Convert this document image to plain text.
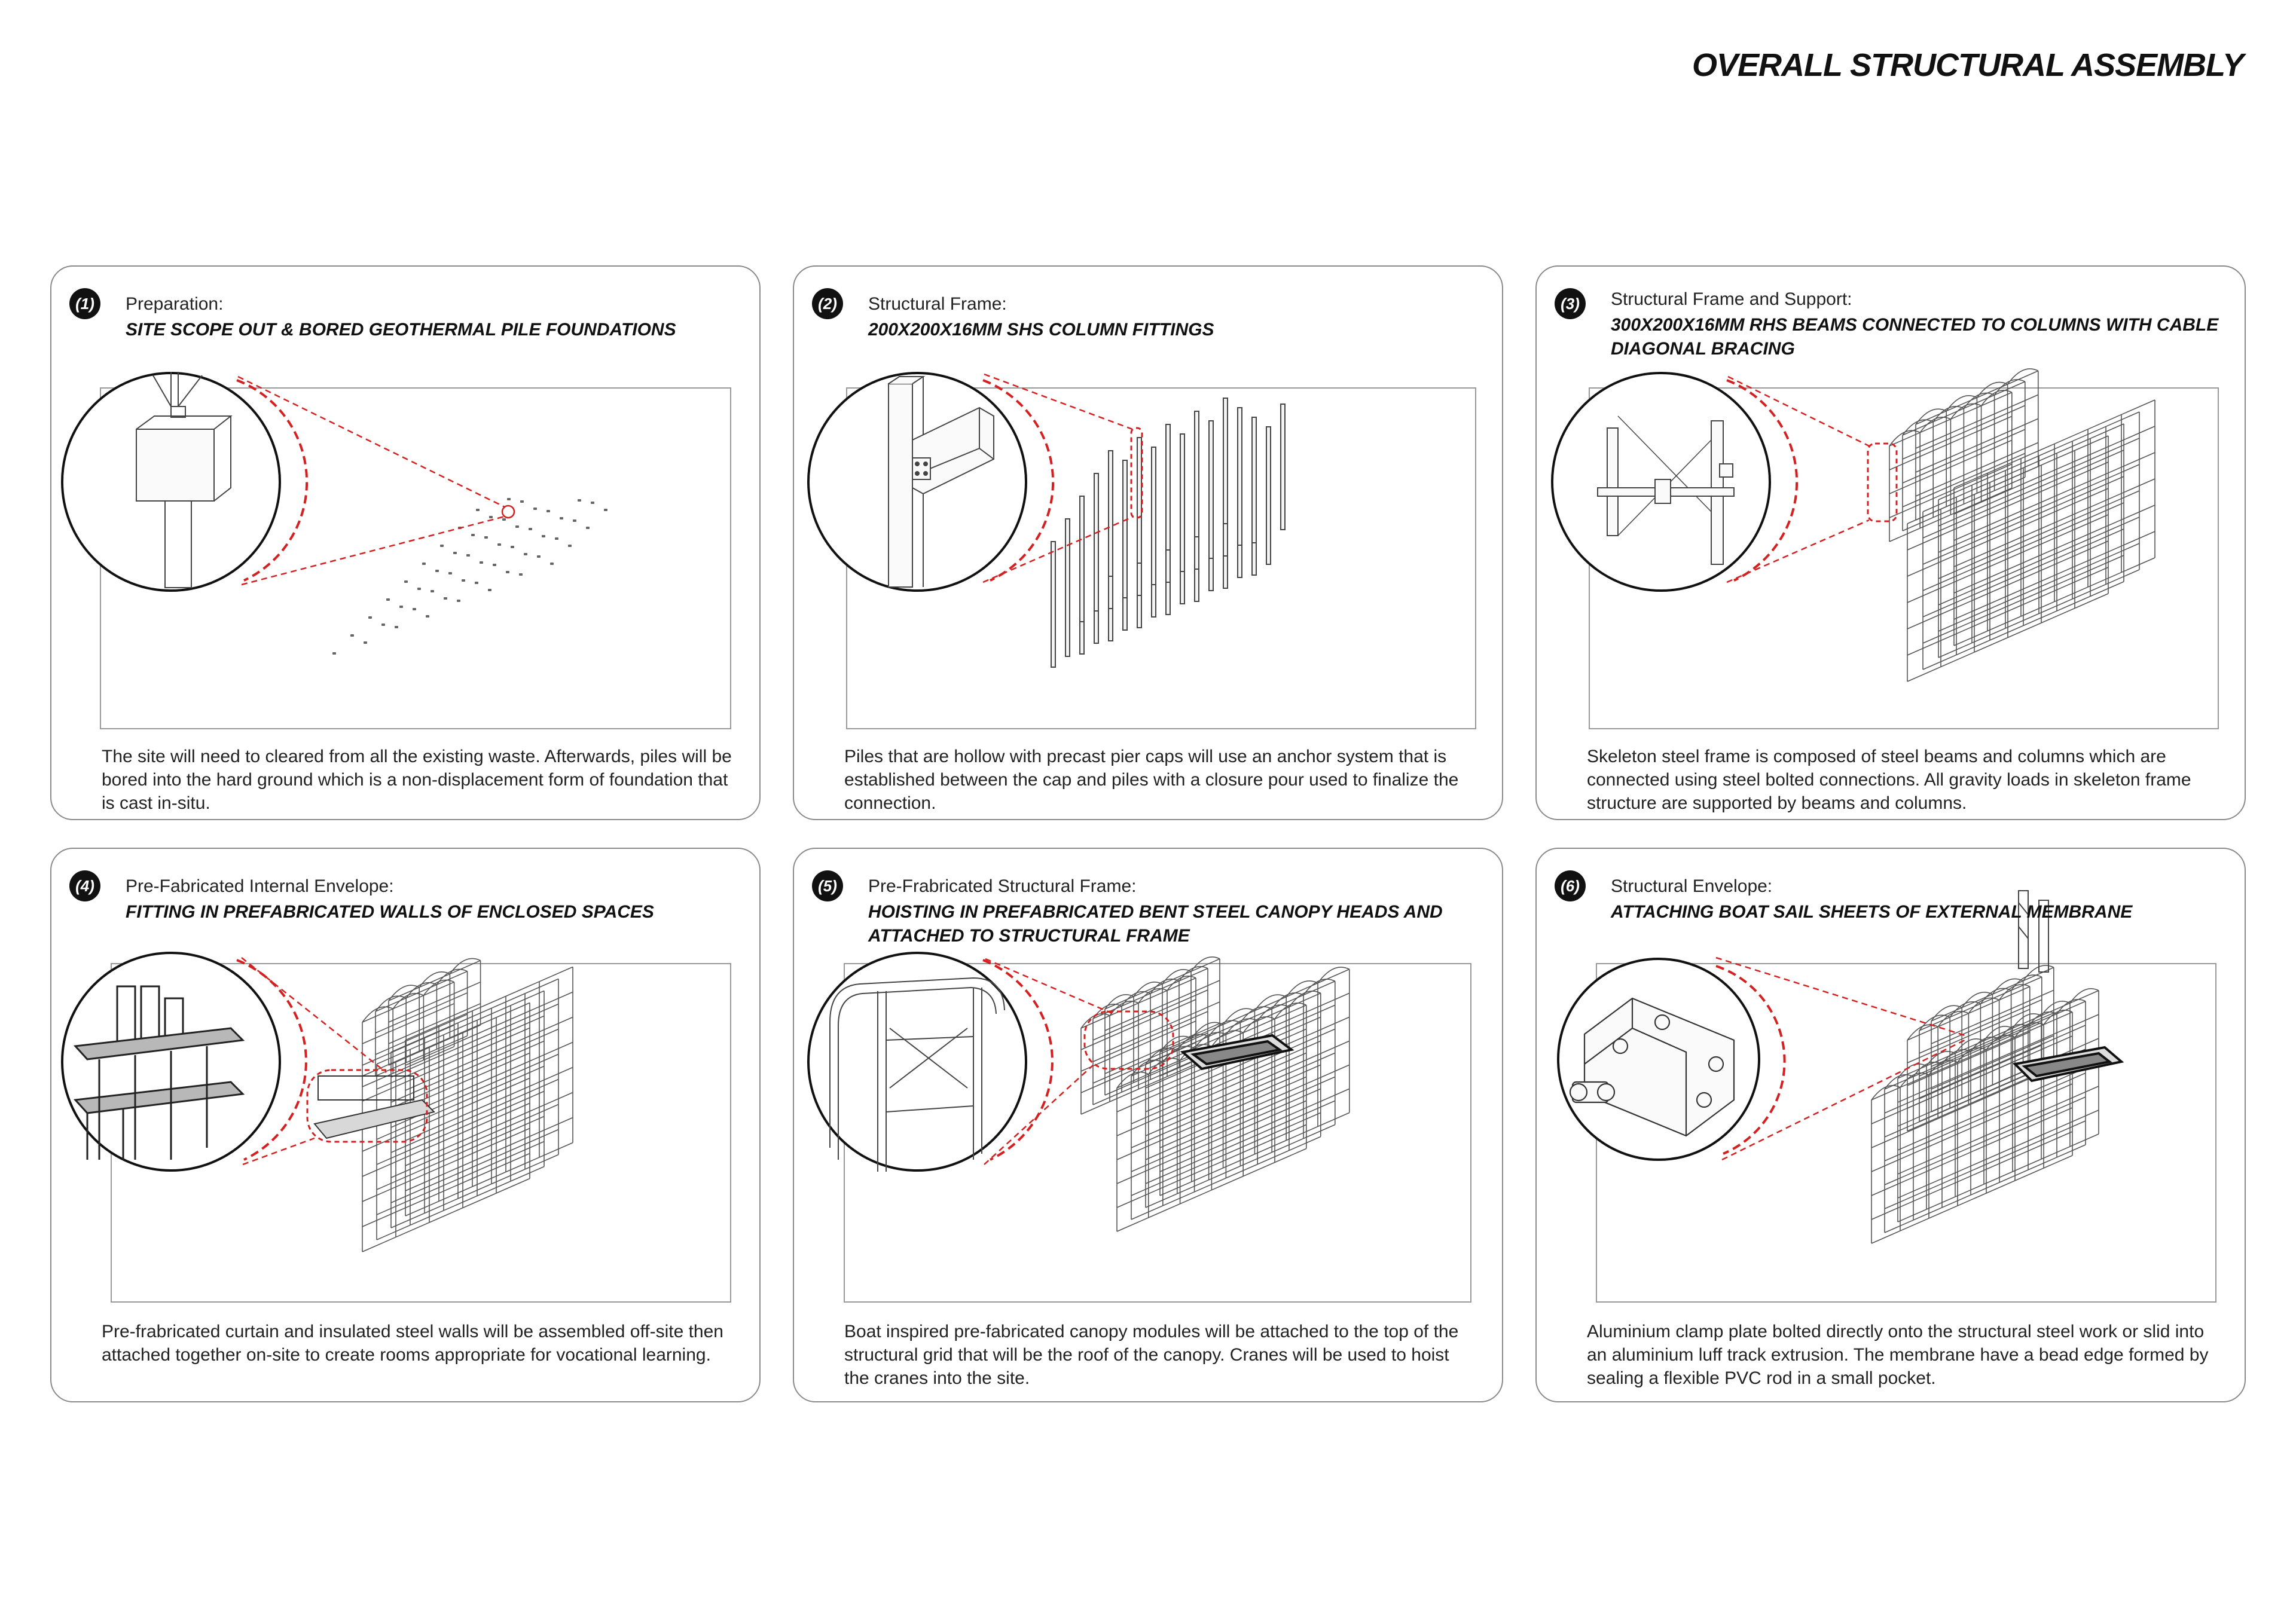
OVERALL STRUCTURAL ASSEMBLY
(1)	Preparation:
SITE SCOPE OUT & BORED GEOTHERMAL PILE FOUNDATIONS
The site will need to cleared from all the existing waste. Afterwards, piles will be bored into the hard ground which is a non-displacement form of foundation that is cast in-situ.
(2)	Structural Frame:
200X200X16MM SHS COLUMN FITTINGS
Piles that are hollow with precast pier caps will use an anchor system that is established between the cap and piles with a closure pour used to finalize the connection.
(3)	Structural Frame and Support:
300X200X16MM RHS BEAMS CONNECTED TO COLUMNS WITH CABLE DIAGONAL BRACING
Skeleton steel frame is composed of steel beams and columns which are connected using steel bolted connections. All gravity loads in skeleton frame structure are supported by beams and columns.
(4)	Pre-Fabricated Internal Envelope:
FITTING IN PREFABRICATED WALLS OF ENCLOSED SPACES
Pre-frabricated curtain and insulated steel walls will be assembled off-site then attached together on-site to create rooms appropriate for vocational learning.
(5)	Pre-Frabricated Structural Frame:
HOISTING IN PREFABRICATED BENT STEEL CANOPY HEADS AND ATTACHED TO STRUCTURAL FRAME
Boat inspired pre-fabricated canopy modules will be attached to the top of the structural grid that will be the roof of the canopy. Cranes will be used to hoist the cranes into the site.
(6)	Structural Envelope:
ATTACHING BOAT SAIL SHEETS OF EXTERNAL MEMBRANE
Aluminium clamp plate bolted directly onto the structural steel work or slid into an aluminium luff track extrusion. The membrane have a bead edge formed by sealing a flexible PVC rod in a small pocket.
